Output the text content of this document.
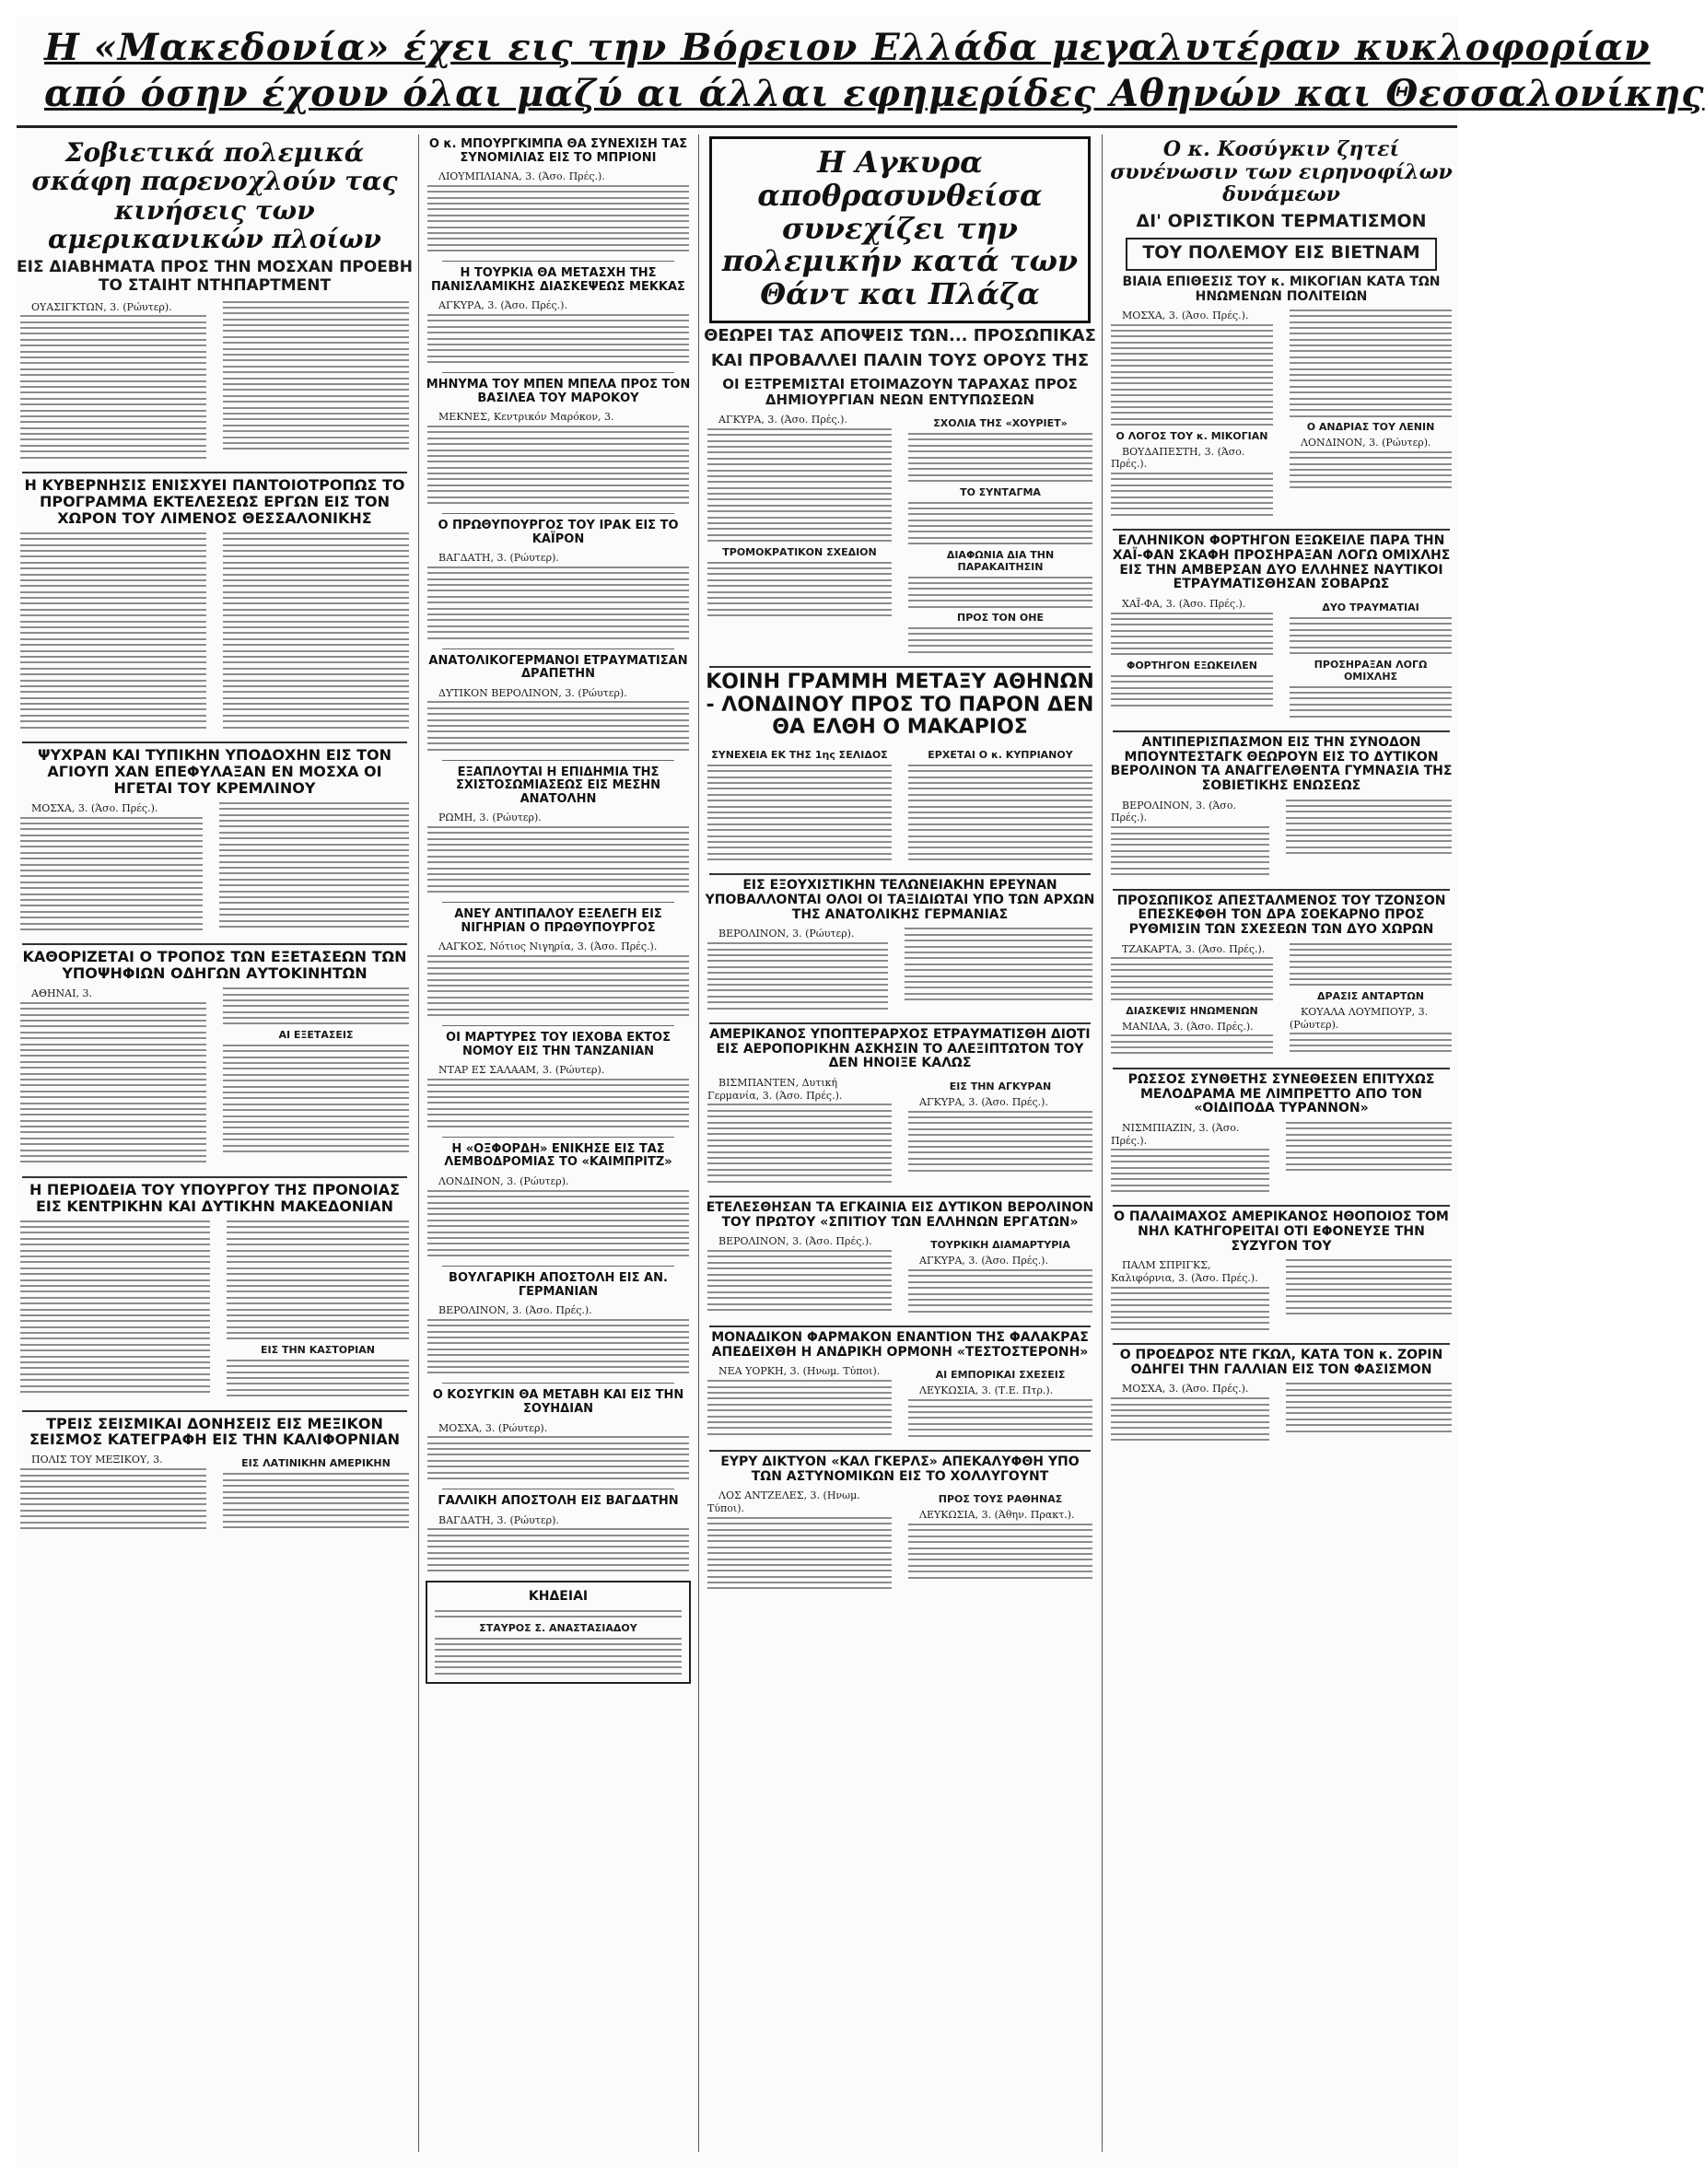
Η «Μακεδονία» έχει εις την Βόρειον Ελλάδα μεγαλυτέραν κυκλοφορίαν
από όσην έχουν όλαι μαζύ αι άλλαι εφημερίδες Αθηνών και Θεσσαλονίκης
Σοβιετικά πολεμικά σκάφη παρενοχλούν τας κινήσεις των αμερικανικών πλοίων
ΕΙΣ ΔΙΑΒΗΜΑΤΑ ΠΡΟΣ ΤΗΝ ΜΟΣΧΑΝ ΠΡΟΕΒΗ ΤΟ ΣΤΑΙΗΤ ΝΤΗΠΑΡΤΜΕΝΤ
ΟΥΑΣΙΓΚΤΩΝ, 3. (Ρώυτερ).
Η ΚΥΒΕΡΝΗΣΙΣ ΕΝΙΣΧΥΕΙ ΠΑΝΤΟΙΟΤΡΟΠΩΣ ΤΟ ΠΡΟΓΡΑΜΜΑ ΕΚΤΕΛΕΣΕΩΣ ΕΡΓΩΝ ΕΙΣ ΤΟΝ ΧΩΡΟΝ ΤΟΥ ΛΙΜΕΝΟΣ ΘΕΣΣΑΛΟΝΙΚΗΣ
ΨΥΧΡΑΝ ΚΑΙ ΤΥΠΙΚΗΝ ΥΠΟΔΟΧΗΝ ΕΙΣ ΤΟΝ ΑΓΙΟΥΠ ΧΑΝ ΕΠΕΦΥΛΑΞΑΝ ΕΝ ΜΟΣΧΑ ΟΙ ΗΓΕΤΑΙ ΤΟΥ ΚΡΕΜΛΙΝΟΥ
ΜΟΣΧΑ, 3. (Άσο. Πρές.).
ΚΑΘΟΡΙΖΕΤΑΙ Ο ΤΡΟΠΟΣ ΤΩΝ ΕΞΕΤΑΣΕΩΝ ΤΩΝ ΥΠΟΨΗΦΙΩΝ ΟΔΗΓΩΝ ΑΥΤΟΚΙΝΗΤΩΝ
ΑΘΗΝΑΙ, 3.
ΑΙ ΕΞΕΤΑΣΕΙΣ
Η ΠΕΡΙΟΔΕΙΑ ΤΟΥ ΥΠΟΥΡΓΟΥ ΤΗΣ ΠΡΟΝΟΙΑΣ ΕΙΣ ΚΕΝΤΡΙΚΗΝ ΚΑΙ ΔΥΤΙΚΗΝ ΜΑΚΕΔΟΝΙΑΝ
ΕΙΣ ΤΗΝ ΚΑΣΤΟΡΙΑΝ
ΤΡΕΙΣ ΣΕΙΣΜΙΚΑΙ ΔΟΝΗΣΕΙΣ ΕΙΣ ΜΕΞΙΚΟΝ ΣΕΙΣΜΟΣ ΚΑΤΕΓΡΑΦΗ ΕΙΣ ΤΗΝ ΚΑΛΙΦΟΡΝΙΑΝ
ΠΟΛΙΣ ΤΟΥ ΜΕΞΙΚΟΥ, 3.	ΕΙΣ ΛΑΤΙΝΙΚΗΝ ΑΜΕΡΙΚΗΝ
Ο κ. ΜΠΟΥΡΓΚΙΜΠΑ ΘΑ ΣΥΝΕΧΙΣΗ ΤΑΣ ΣΥΝΟΜΙΛΙΑΣ ΕΙΣ ΤΟ ΜΠΡΙΟΝΙ
ΛΙΟΥΜΠΛΙΑΝΑ, 3. (Άσο. Πρές.).
Η ΤΟΥΡΚΙΑ ΘΑ ΜΕΤΑΣΧΗ ΤΗΣ ΠΑΝΙΣΛΑΜΙΚΗΣ ΔΙΑΣΚΕΨΕΩΣ ΜΕΚΚΑΣ
ΑΓΚΥΡΑ, 3. (Άσο. Πρές.).
ΜΗΝΥΜΑ ΤΟΥ ΜΠΕΝ ΜΠΕΛΑ ΠΡΟΣ ΤΟΝ ΒΑΣΙΛΕΑ ΤΟΥ ΜΑΡΟΚΟΥ
ΜΕΚΝΕΣ, Κεντρικόν Μαρόκον, 3.
Ο ΠΡΩΘΥΠΟΥΡΓΟΣ ΤΟΥ ΙΡΑΚ ΕΙΣ ΤΟ ΚΑΪΡΟΝ
ΒΑΓΔΑΤΗ, 3. (Ρώυτερ).
ΑΝΑΤΟΛΙΚΟΓΕΡΜΑΝΟΙ ΕΤΡΑΥΜΑΤΙΣΑΝ ΔΡΑΠΕΤΗΝ
ΔΥΤΙΚΟΝ ΒΕΡΟΛΙΝΟΝ, 3. (Ρώυτερ).
ΕΞΑΠΛΟΥΤΑΙ Η ΕΠΙΔΗΜΙΑ ΤΗΣ ΣΧΙΣΤΟΣΩΜΙΑΣΕΩΣ ΕΙΣ ΜΕΣΗΝ ΑΝΑΤΟΛΗΝ
ΡΩΜΗ, 3. (Ρώυτερ).
ΑΝΕΥ ΑΝΤΙΠΑΛΟΥ ΕΞΕΛΕΓΗ ΕΙΣ ΝΙΓΗΡΙΑΝ Ο ΠΡΩΘΥΠΟΥΡΓΟΣ
ΛΑΓΚΟΣ, Νότιος Νιγηρία, 3. (Άσο. Πρές.).
ΟΙ ΜΑΡΤΥΡΕΣ ΤΟΥ ΙΕΧΟΒΑ ΕΚΤΟΣ ΝΟΜΟΥ ΕΙΣ ΤΗΝ ΤΑΝΖΑΝΙΑΝ
ΝΤΑΡ ΕΣ ΣΑΛΑΑΜ, 3. (Ρώυτερ).
Η «ΟΞΦΟΡΔΗ» ΕΝΙΚΗΣΕ ΕΙΣ ΤΑΣ ΛΕΜΒΟΔΡΟΜΙΑΣ ΤΟ «ΚΑΙΜΠΡΙΤΖ»
ΛΟΝΔΙΝΟΝ, 3. (Ρώυτερ).
ΒΟΥΛΓΑΡΙΚΗ ΑΠΟΣΤΟΛΗ ΕΙΣ ΑΝ. ΓΕΡΜΑΝΙΑΝ
ΒΕΡΟΛΙΝΟΝ, 3. (Άσο. Πρές.).
Ο ΚΟΣΥΓΚΙΝ ΘΑ ΜΕΤΑΒΗ ΚΑΙ ΕΙΣ ΤΗΝ ΣΟΥΗΔΙΑΝ
ΜΟΣΧΑ, 3. (Ρώυτερ).
ΓΑΛΛΙΚΗ ΑΠΟΣΤΟΛΗ ΕΙΣ ΒΑΓΔΑΤΗΝ
ΒΑΓΔΑΤΗ, 3. (Ρώυτερ).
ΚΗΔΕΙΑΙ
ΣΤΑΥΡΟΣ Σ. ΑΝΑΣΤΑΣΙΑΔΟΥ
Η Αγκυρα αποθρασυνθείσα συνεχίζει την πολεμικήν κατά των Θάντ και Πλάζα
ΘΕΩΡΕΙ ΤΑΣ ΑΠΟΨΕΙΣ ΤΩΝ... ΠΡΟΣΩΠΙΚΑΣ
ΚΑΙ ΠΡΟΒΑΛΛΕΙ ΠΑΛΙΝ ΤΟΥΣ ΟΡΟΥΣ ΤΗΣ
ΟΙ ΕΞΤΡΕΜΙΣΤΑΙ ΕΤΟΙΜΑΖΟΥΝ ΤΑΡΑΧΑΣ ΠΡΟΣ ΔΗΜΙΟΥΡΓΙΑΝ ΝΕΩΝ ΕΝΤΥΠΩΣΕΩΝ
ΑΓΚΥΡΑ, 3. (Άσο. Πρές.).
ΤΡΟΜΟΚΡΑΤΙΚΟΝ ΣΧΕΔΙΟΝ
ΣΧΟΛΙΑ ΤΗΣ «ΧΟΥΡΙΕΤ»
ΤΟ ΣΥΝΤΑΓΜΑ
ΔΙΑΦΩΝΙΑ ΔΙΑ ΤΗΝ ΠΑΡΑΚΑΙΤΗΣΙΝ
ΠΡΟΣ ΤΟΝ ΟΗΕ
ΚΟΙΝΗ ΓΡΑΜΜΗ ΜΕΤΑΞΥ ΑΘΗΝΩΝ - ΛΟΝΔΙΝΟΥ ΠΡΟΣ ΤΟ ΠΑΡΟΝ ΔΕΝ ΘΑ ΕΛΘΗ Ο ΜΑΚΑΡΙΟΣ
ΣΥΝΕΧΕΙΑ ΕΚ ΤΗΣ 1ης ΣΕΛΙΔΟΣ	ΕΡΧΕΤΑΙ Ο κ. ΚΥΠΡΙΑΝΟΥ
ΕΙΣ ΕΞΟΥΧΙΣΤΙΚΗΝ ΤΕΛΩΝΕΙΑΚΗΝ ΕΡΕΥΝΑΝ ΥΠΟΒΑΛΛΟΝΤΑΙ ΟΛΟΙ ΟΙ ΤΑΞΙΔΙΩΤΑΙ ΥΠΟ ΤΩΝ ΑΡΧΩΝ ΤΗΣ ΑΝΑΤΟΛΙΚΗΣ ΓΕΡΜΑΝΙΑΣ
ΒΕΡΟΛΙΝΟΝ, 3. (Ρώυτερ).
ΑΜΕΡΙΚΑΝΟΣ ΥΠΟΠΤΕΡΑΡΧΟΣ ΕΤΡΑΥΜΑΤΙΣΘΗ ΔΙΟΤΙ ΕΙΣ ΑΕΡΟΠΟΡΙΚΗΝ ΑΣΚΗΣΙΝ ΤΟ ΑΛΕΞΙΠΤΩΤΟΝ ΤΟΥ ΔΕΝ ΗΝΟΙΞΕ ΚΑΛΩΣ
ΒΙΣΜΠΑΝΤΕΝ, Δυτική Γερμανία, 3. (Άσο. Πρές.).
ΕΙΣ ΤΗΝ ΑΓΚΥΡΑΝ
ΑΓΚΥΡΑ, 3. (Άσο. Πρές.).
ΕΤΕΛΕΣΘΗΣΑΝ ΤΑ ΕΓΚΑΙΝΙΑ ΕΙΣ ΔΥΤΙΚΟΝ ΒΕΡΟΛΙΝΟΝ ΤΟΥ ΠΡΩΤΟΥ «ΣΠΙΤΙΟΥ ΤΩΝ ΕΛΛΗΝΩΝ ΕΡΓΑΤΩΝ»
ΒΕΡΟΛΙΝΟΝ, 3. (Άσο. Πρές.).	ΤΟΥΡΚΙΚΗ ΔΙΑΜΑΡΤΥΡΙΑ
ΑΓΚΥΡΑ, 3. (Άσο. Πρές.).
ΜΟΝΑΔΙΚΟΝ ΦΑΡΜΑΚΟΝ ΕΝΑΝΤΙΟΝ ΤΗΣ ΦΑΛΑΚΡΑΣ ΑΠΕΔΕΙΧΘΗ Η ΑΝΔΡΙΚΗ ΟΡΜΟΝΗ «ΤΕΣΤΟΣΤΕΡΟΝΗ»
ΝΕΑ ΥΟΡΚΗ, 3. (Ηνωμ. Τύποι).	ΑΙ ΕΜΠΟΡΙΚΑΙ ΣΧΕΣΕΙΣ
ΛΕΥΚΩΣΙΑ, 3. (Τ.Ε. Πτρ.).
ΕΥΡΥ ΔΙΚΤΥΟΝ «ΚΑΛ ΓΚΕΡΛΣ» ΑΠΕΚΑΛΥΦΘΗ ΥΠΟ ΤΩΝ ΑΣΤΥΝΟΜΙΚΩΝ ΕΙΣ ΤΟ ΧΟΛΛΥΓΟΥΝΤ
ΛΟΣ ΑΝΤΖΕΛΕΣ, 3. (Ηνωμ. Τύποι).
ΠΡΟΣ ΤΟΥΣ ΡΑΘΗΝΑΣ
ΛΕΥΚΩΣΙΑ, 3. (Άθην. Πρακτ.).
Ο κ. Κοσύγκιν ζητεί συνένωσιν των ειρηνοφίλων δυνάμεων
ΔΙ' ΟΡΙΣΤΙΚΟΝ ΤΕΡΜΑΤΙΣΜΟΝ
ΤΟΥ ΠΟΛΕΜΟΥ ΕΙΣ ΒΙΕΤΝΑΜ
ΒΙΑΙΑ ΕΠΙΘΕΣΙΣ ΤΟΥ κ. ΜΙΚΟΓΙΑΝ ΚΑΤΑ ΤΩΝ ΗΝΩΜΕΝΩΝ ΠΟΛΙΤΕΙΩΝ
ΜΟΣΧΑ, 3. (Άσο. Πρές.).
Ο ΛΟΓΟΣ ΤΟΥ κ. ΜΙΚΟΓΙΑΝ
ΒΟΥΔΑΠΕΣΤΗ, 3. (Άσο. Πρές.).
Ο ΑΝΔΡΙΑΣ ΤΟΥ ΛΕΝΙΝ
ΛΟΝΔΙΝΟΝ, 3. (Ρώυτερ).
ΕΛΛΗΝΙΚΟΝ ΦΟΡΤΗΓΟΝ ΕΞΩΚΕΙΛΕ ΠΑΡΑ ΤΗΝ ΧΑΪ-ΦΑΝ ΣΚΑΦΗ ΠΡΟΣΗΡΑΞΑΝ ΛΟΓΩ ΟΜΙΧΛΗΣ ΕΙΣ ΤΗΝ ΑΜΒΕΡΣΑΝ ΔΥΟ ΕΛΛΗΝΕΣ ΝΑΥΤΙΚΟΙ ΕΤΡΑΥΜΑΤΙΣΘΗΣΑΝ ΣΟΒΑΡΩΣ
ΧΑΪ-ΦΑ, 3. (Άσο. Πρές.).
ΦΟΡΤΗΓΟΝ ΕΞΩΚΕΙΛΕΝ
ΔΥΟ ΤΡΑΥΜΑΤΙΑΙ
ΠΡΟΣΗΡΑΞΑΝ ΛΟΓΩ ΟΜΙΧΛΗΣ
ΑΝΤΙΠΕΡΙΣΠΑΣΜΟΝ ΕΙΣ ΤΗΝ ΣΥΝΟΔΟΝ ΜΠΟΥΝΤΕΣΤΑΓΚ ΘΕΩΡΟΥΝ ΕΙΣ ΤΟ ΔΥΤΙΚΟΝ ΒΕΡΟΛΙΝΟΝ ΤΑ ΑΝΑΓΓΕΛΘΕΝΤΑ ΓΥΜΝΑΣΙΑ ΤΗΣ ΣΟΒΙΕΤΙΚΗΣ ΕΝΩΣΕΩΣ
ΒΕΡΟΛΙΝΟΝ, 3. (Άσο. Πρές.).
ΠΡΟΣΩΠΙΚΟΣ ΑΠΕΣΤΑΛΜΕΝΟΣ ΤΟΥ ΤΖΟΝΣΟΝ ΕΠΕΣΚΕΦΘΗ ΤΟΝ ΔΡΑ ΣΟΕΚΑΡΝΟ ΠΡΟΣ ΡΥΘΜΙΣΙΝ ΤΩΝ ΣΧΕΣΕΩΝ ΤΩΝ ΔΥΟ ΧΩΡΩΝ
ΤΖΑΚΑΡΤΑ, 3. (Άσο. Πρές.).
ΔΙΑΣΚΕΨΙΣ ΗΝΩΜΕΝΩΝ
ΜΑΝΙΛΑ, 3. (Άσο. Πρές.).
ΔΡΑΣΙΣ ΑΝΤΑΡΤΩΝ
ΚΟΥΑΛΑ ΛΟΥΜΠΟΥΡ, 3. (Ρώυτερ).
ΡΩΣΣΟΣ ΣΥΝΘΕΤΗΣ ΣΥΝΕΘΕΣΕΝ ΕΠΙΤΥΧΩΣ ΜΕΛΟΔΡΑΜΑ ΜΕ ΛΙΜΠΡΕΤΤΟ ΑΠΟ ΤΟΝ «ΟΙΔΙΠΟΔΑ ΤΥΡΑΝΝΟΝ»
ΝΙΣΜΠΙΑΖΙΝ, 3. (Άσο. Πρές.).
Ο ΠΑΛΑΙΜΑΧΟΣ ΑΜΕΡΙΚΑΝΟΣ ΗΘΟΠΟΙΟΣ ΤΟΜ ΝΗΛ ΚΑΤΗΓΟΡΕΙΤΑΙ ΟΤΙ ΕΦΟΝΕΥΣΕ ΤΗΝ ΣΥΖΥΓΟΝ ΤΟΥ
ΠΑΛΜ ΣΠΡΙΓΚΣ, Καλιφόρνια, 3. (Άσο. Πρές.).
Ο ΠΡΟΕΔΡΟΣ ΝΤΕ ΓΚΩΛ, ΚΑΤΑ ΤΟΝ κ. ΖΟΡΙΝ ΟΔΗΓΕΙ ΤΗΝ ΓΑΛΛΙΑΝ ΕΙΣ ΤΟΝ ΦΑΣΙΣΜΟΝ
ΜΟΣΧΑ, 3. (Άσο. Πρές.).
